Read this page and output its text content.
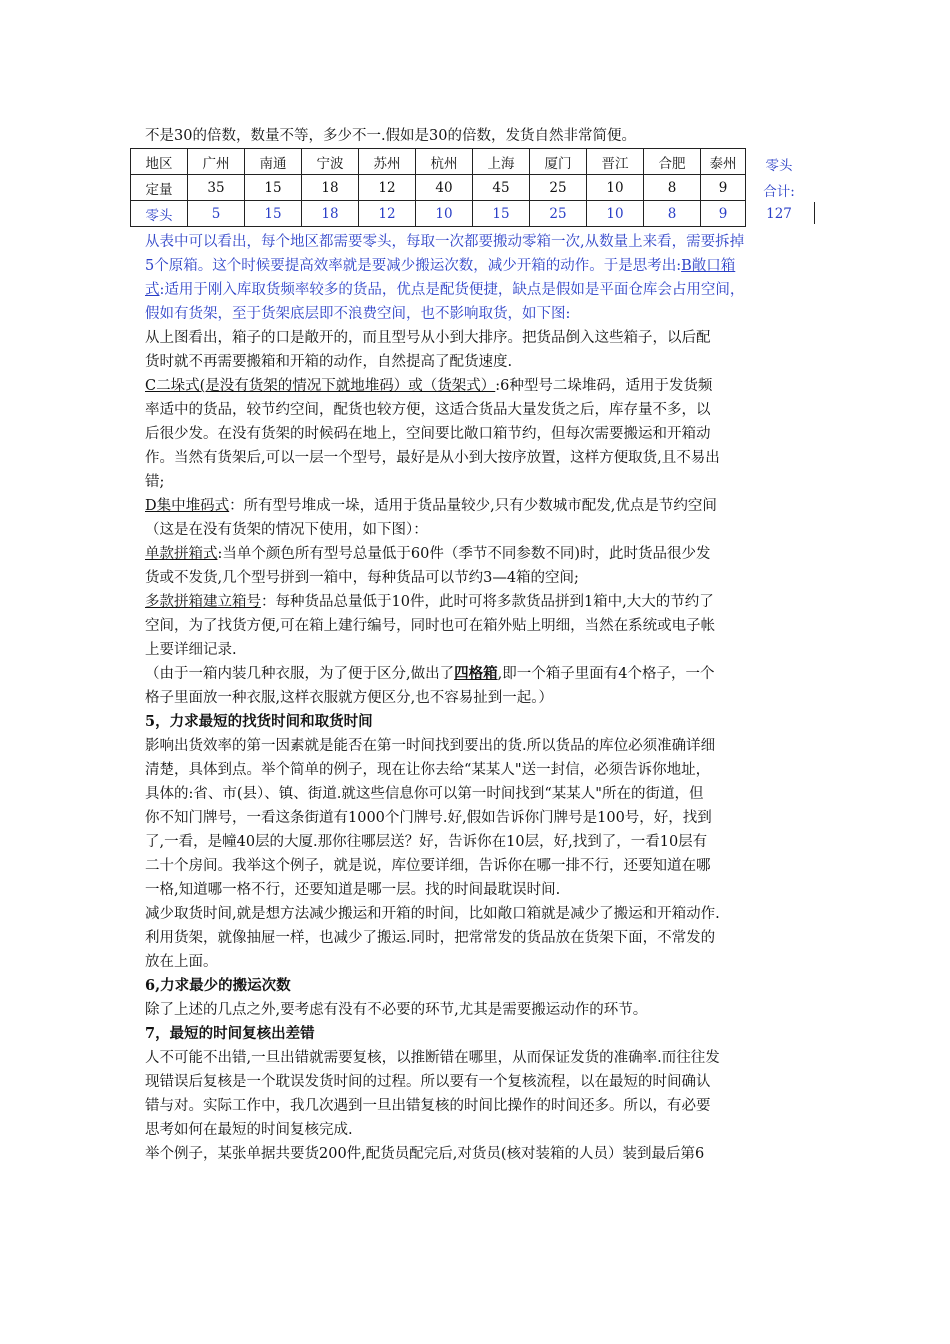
不是30的倍数，数量不等，多少不一.假如是30的倍数，发货自然非常简便。
地区	广州	南通	宁波	苏州	杭州	上海	厦门	晋江	合肥	泰州
定量	35	15	18	12	40	45	25	10	8	9
零头	5	15	18	12	10	15	25	10	8	9
零头
合计:
127
从表中可以看出，每个地区都需要零头，每取一次都要搬动零箱一次,从数量上来看，需要拆掉
5个原箱。这个时候要提高效率就是要减少搬运次数，减少开箱的动作。于是思考出:B敞口箱
式:适用于刚入库取货频率较多的货品，优点是配货便捷，缺点是假如是平面仓库会占用空间，
假如有货架，至于货架底层即不浪费空间，也不影响取货，如下图:
从上图看出，箱子的口是敞开的，而且型号从小到大排序。把货品倒入这些箱子，以后配
货时就不再需要搬箱和开箱的动作，自然提高了配货速度.
C二垛式(是没有货架的情况下就地堆码）或（货架式）:6种型号二垛堆码，适用于发货频
率适中的货品，较节约空间，配货也较方便，这适合货品大量发货之后，库存量不多，以
后很少发。在没有货架的时候码在地上，空间要比敞口箱节约，但每次需要搬运和开箱动
作。当然有货架后,可以一层一个型号，最好是从小到大按序放置，这样方便取货,且不易出
错;
D集中堆码式：所有型号堆成一垛，适用于货品量较少,只有少数城市配发,优点是节约空间
（这是在没有货架的情况下使用，如下图）：
单款拼箱式:当单个颜色所有型号总量低于60件（季节不同参数不同)时，此时货品很少发
货或不发货,几个型号拼到一箱中，每种货品可以节约3—4箱的空间;
多款拼箱建立箱号：每种货品总量低于10件，此时可将多款货品拼到1箱中,大大的节约了
空间，为了找货方便,可在箱上建行编号，同时也可在箱外贴上明细，当然在系统或电子帐
上要详细记录.
（由于一箱内装几种衣服，为了便于区分,做出了四格箱,即一个箱子里面有4个格子，一个
格子里面放一种衣服,这样衣服就方便区分,也不容易扯到一起。）
5，力求最短的找货时间和取货时间
影响出货效率的第一因素就是能否在第一时间找到要出的货.所以货品的库位必须准确详细
清楚，具体到点。举个简单的例子，现在让你去给“某某人"送一封信，必须告诉你地址，
具体的:省、市(县）、镇、街道.就这些信息你可以第一时间找到“某某人"所在的街道，但
你不知门牌号，一看这条街道有1000个门牌号.好,假如告诉你门牌号是100号，好，找到
了,一看，是幢40层的大厦.那你往哪层送？好，告诉你在10层，好,找到了，一看10层有
二十个房间。我举这个例子，就是说，库位要详细，告诉你在哪一排不行，还要知道在哪
一格,知道哪一格不行，还要知道是哪一层。找的时间最耽误时间.
减少取货时间,就是想方法减少搬运和开箱的时间，比如敞口箱就是减少了搬运和开箱动作.
利用货架，就像抽屉一样，也减少了搬运.同时，把常常发的货品放在货架下面，不常发的
放在上面。
6,力求最少的搬运次数
除了上述的几点之外,要考虑有没有不必要的环节,尤其是需要搬运动作的环节。
7，最短的时间复核出差错
人不可能不出错,一旦出错就需要复核，以推断错在哪里，从而保证发货的准确率.而往往发
现错误后复核是一个耽误发货时间的过程。所以要有一个复核流程，以在最短的时间确认
错与对。实际工作中，我几次遇到一旦出错复核的时间比操作的时间还多。所以，有必要
思考如何在最短的时间复核完成.
举个例子，某张单据共要货200件,配货员配完后,对货员(核对装箱的人员）装到最后第6
